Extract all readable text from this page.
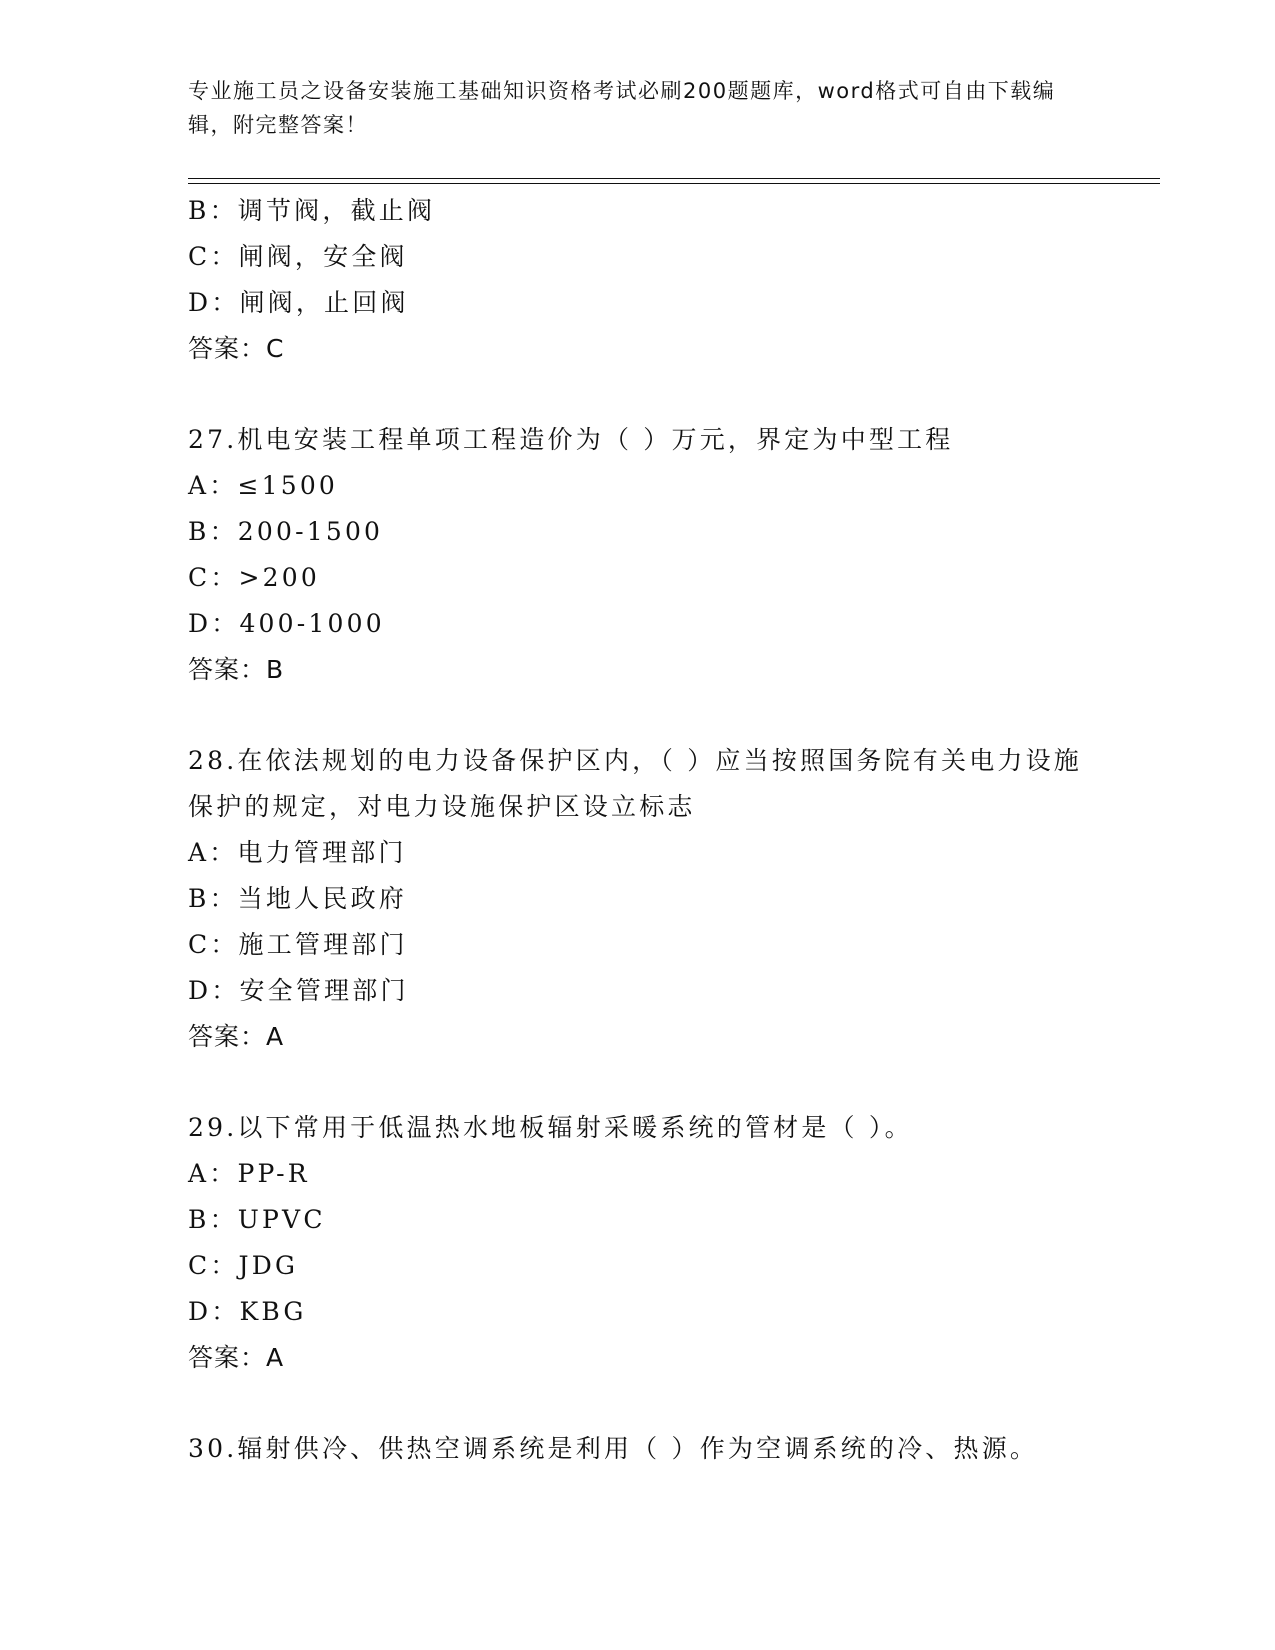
专业施工员之设备安装施工基础知识资格考试必刷200题题库，word格式可自由下载编辑，附完整答案！
B：调节阀，截止阀
C：闸阀，安全阀
D：闸阀，止回阀
答案：C
27.机电安装工程单项工程造价为（ ）万元，界定为中型工程
A：≤1500
B：200-1500
C：>200
D：400-1000
答案：B
28.在依法规划的电力设备保护区内，（ ）应当按照国务院有关电力设施保护的规定，对电力设施保护区设立标志
A：电力管理部门
B：当地人民政府
C：施工管理部门
D：安全管理部门
答案：A
29.以下常用于低温热水地板辐射采暖系统的管材是（ ）。
A：PP-R
B：UPVC
C：JDG
D：KBG
答案：A
30.辐射供冷、供热空调系统是利用（ ）作为空调系统的冷、热源。
